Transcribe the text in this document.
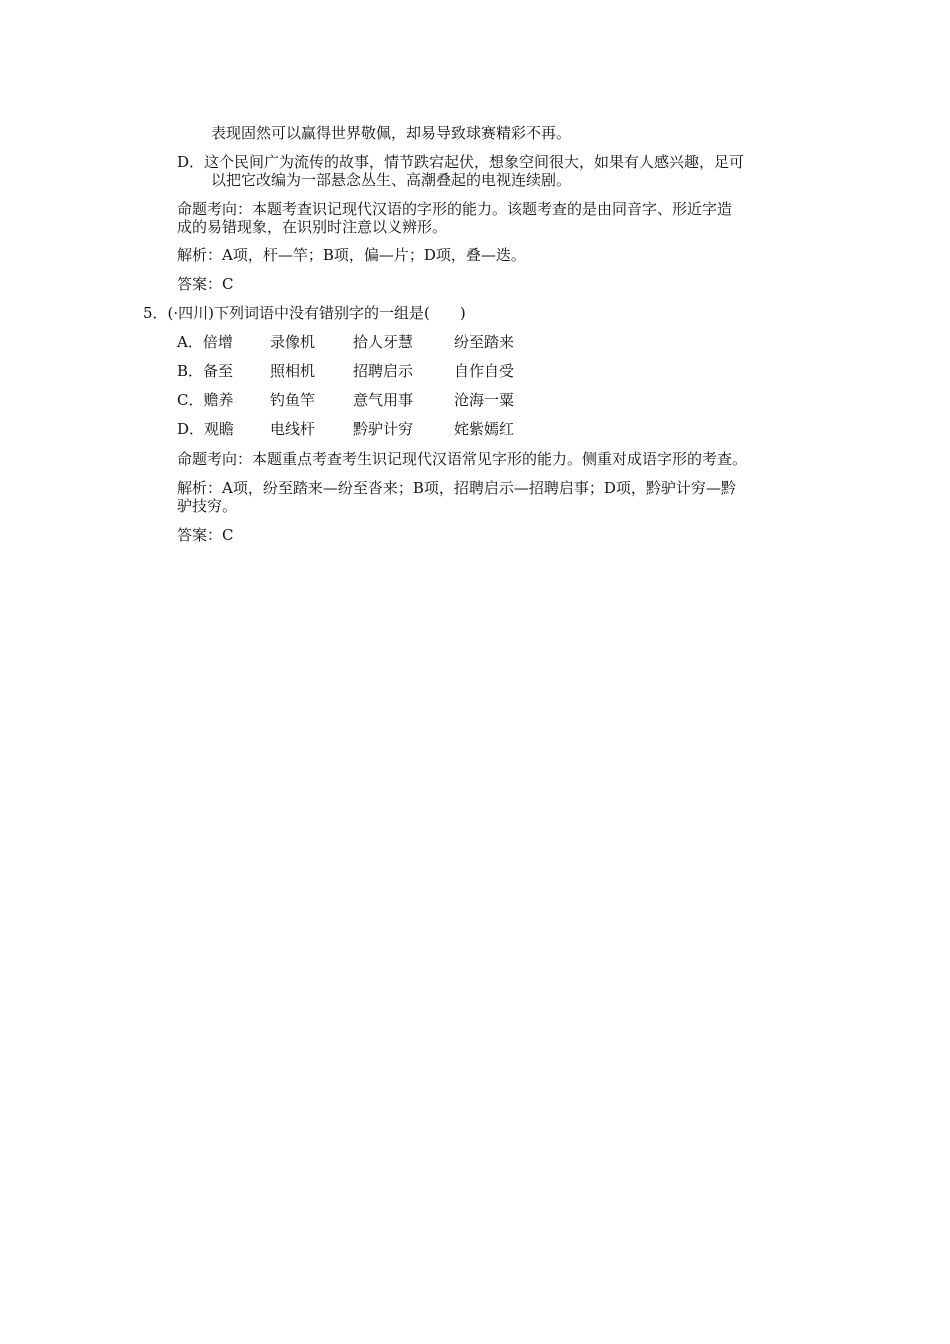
表现固然可以赢得世界敬佩，却易导致球赛精彩不再。
D．这个民间广为流传的故事，情节跌宕起伏，想象空间很大，如果有人感兴趣，足可
以把它改编为一部悬念丛生、高潮叠起的电视连续剧。
命题考向：本题考查识记现代汉语的字形的能力。该题考查的是由同音字、形近字造
成的易错现象，在识别时注意以义辨形。
解析：A项，杆—竿；B项，偏—片；D项，叠—迭。
答案：C
5．(·四川)下列词语中没有错别字的一组是(　　)
A．倍增 录像机	拾人牙慧	纷至踏来
B．备至 照相机	招聘启示	自作自受
C．赡养 钓鱼竿	意气用事	沧海一粟
D．观瞻 电线杆	黔驴计穷	姹紫嫣红
命题考向：本题重点考查考生识记现代汉语常见字形的能力。侧重对成语字形的考查。
解析：A项，纷至踏来—纷至沓来；B项，招聘启示—招聘启事；D项，黔驴计穷—黔
驴技穷。
答案：C
